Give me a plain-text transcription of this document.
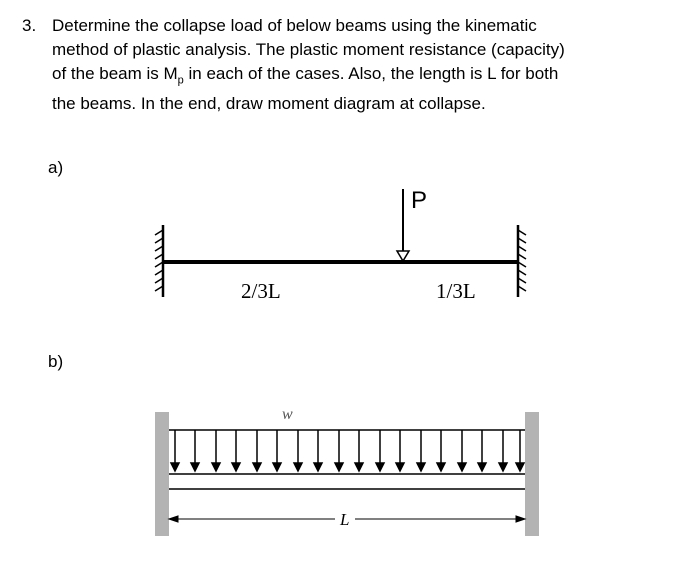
3. Determine the collapse load of below beams using the kinematic
method of plastic analysis. The plastic moment resistance (capacity)
of the beam is $M_p$ in each of the cases. Also, the length is L for both
the beams. In the end, draw moment diagram at collapse.
a)
P
2/3L	1/3L
b)
w
L
